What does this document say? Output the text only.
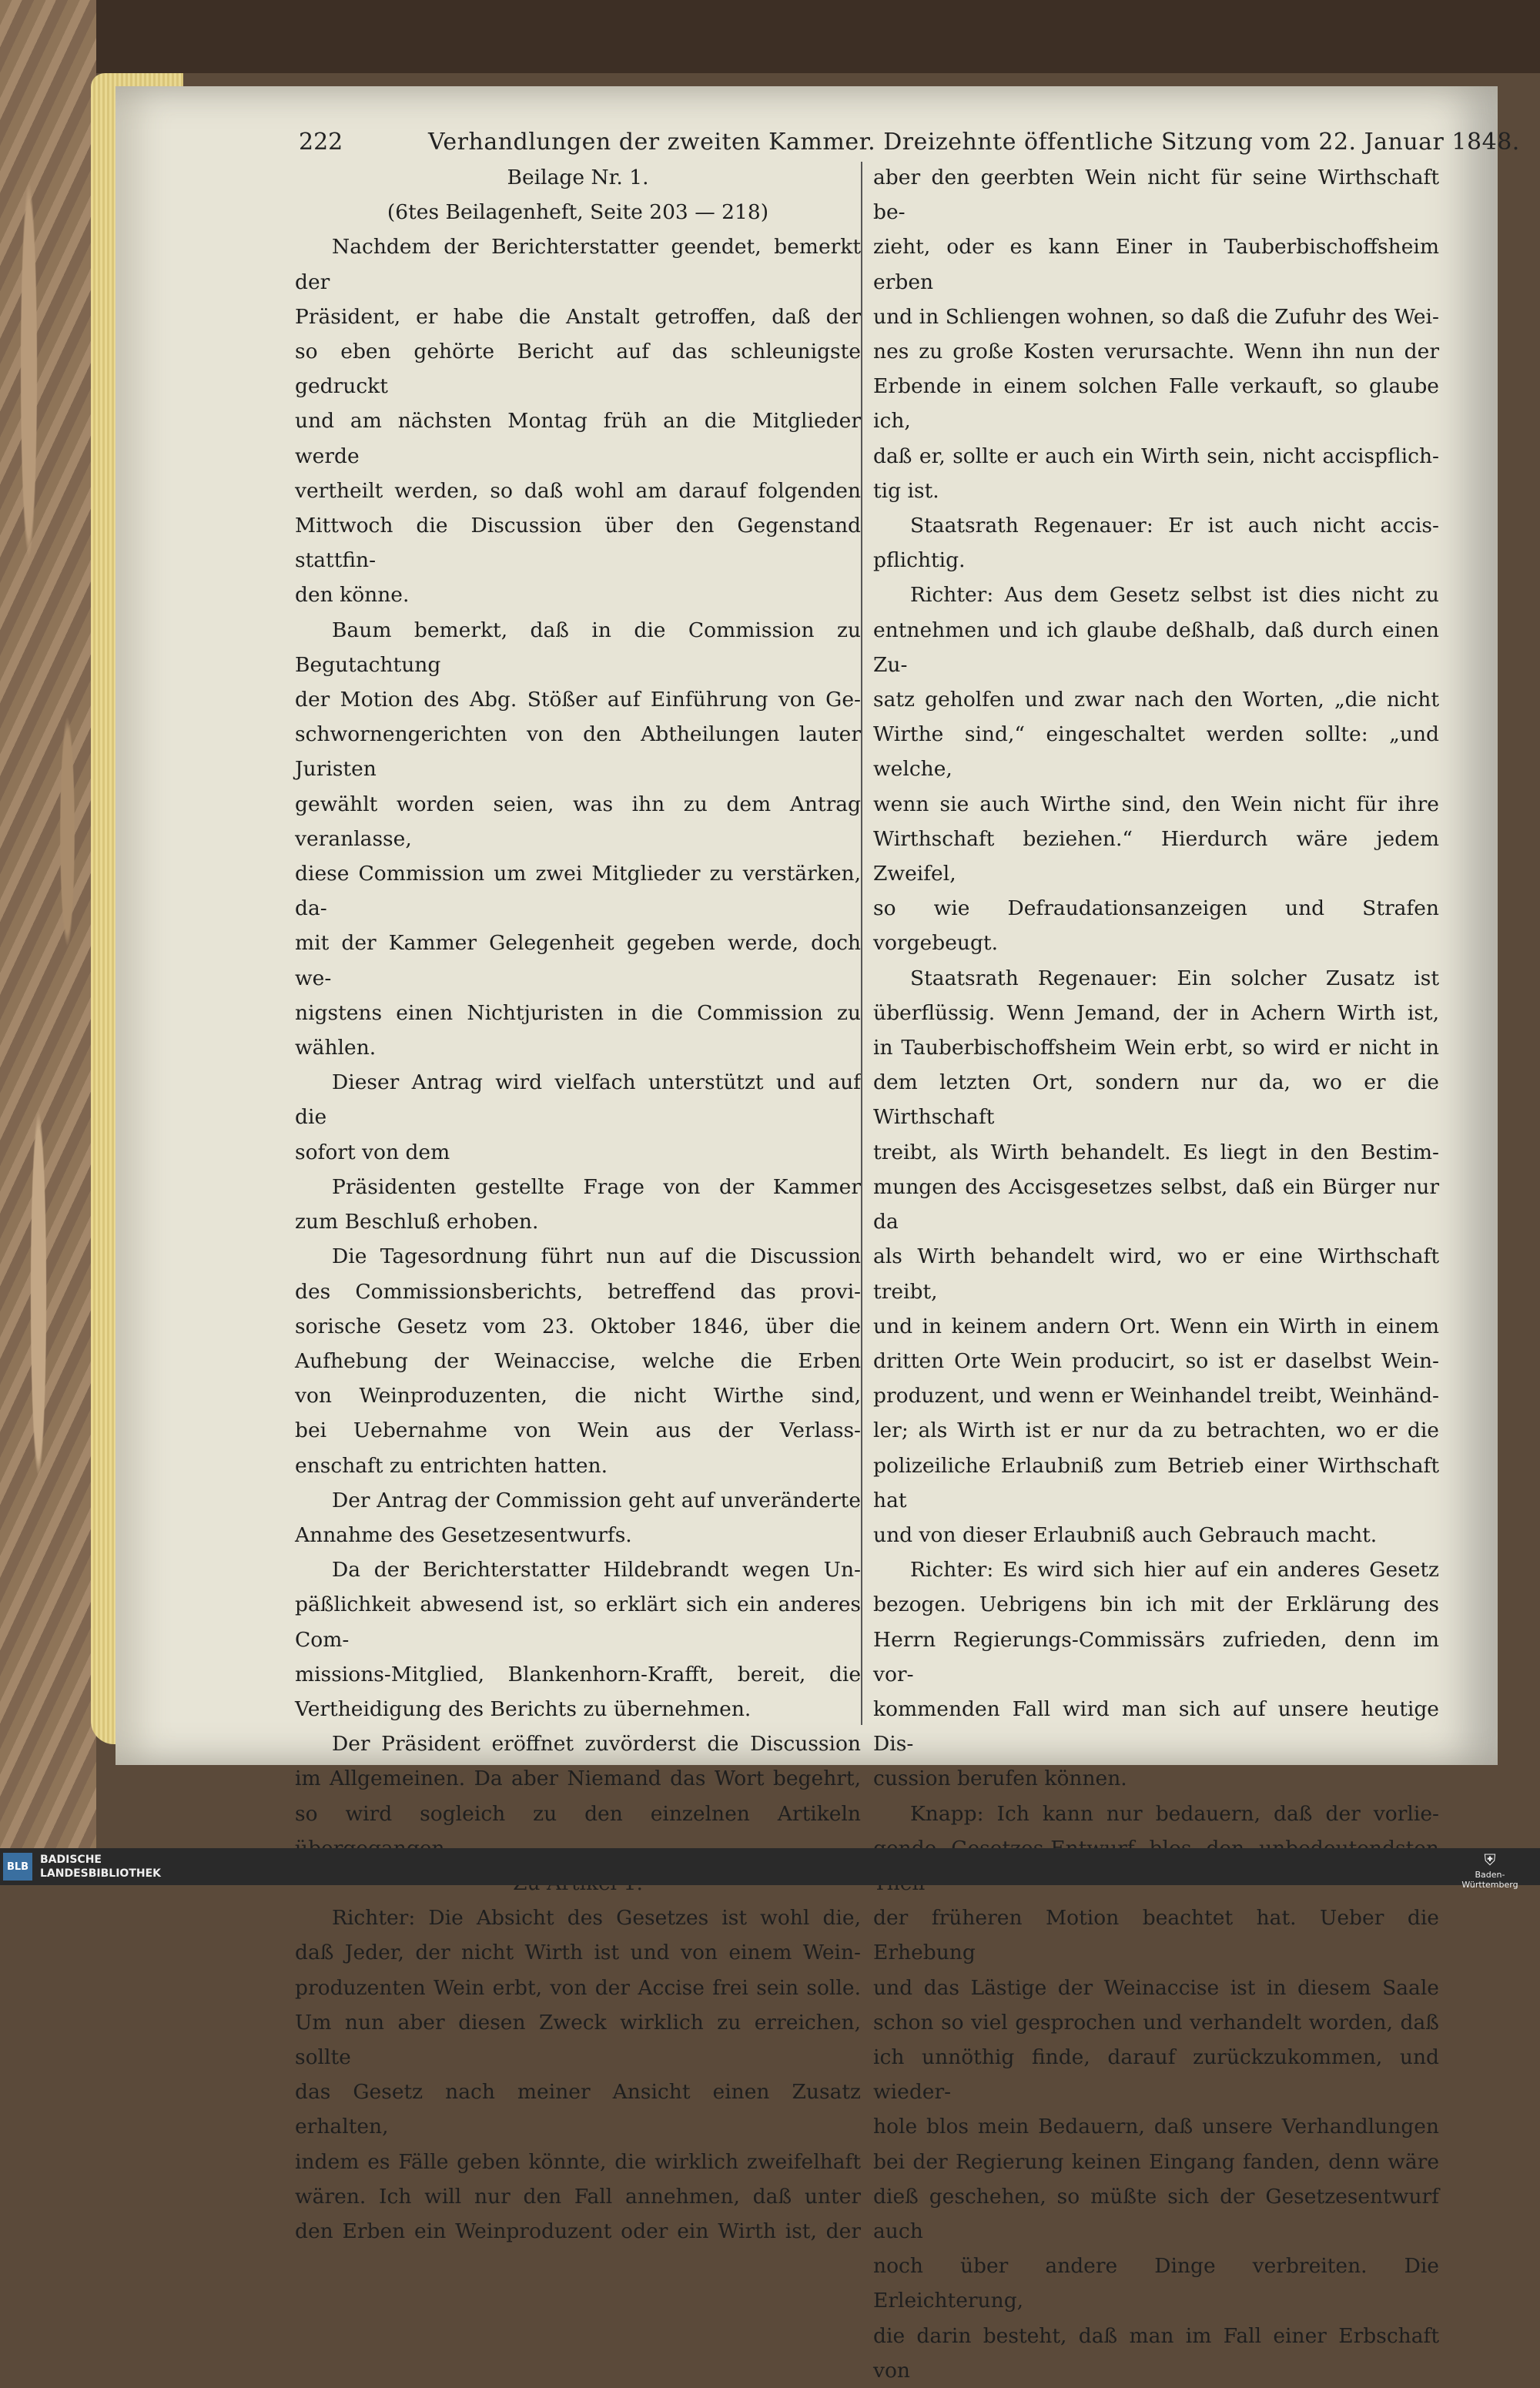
222	Verhandlungen der zweiten Kammer. Dreizehnte öffentliche Sitzung vom 22. Januar 1848.

Beilage Nr. 1.

(6tes Beilagenheft, Seite 203 — 218)

Nachdem der Berichterstatter geendet, bemerkt der

Präsident, er habe die Anstalt getroffen, daß der

so eben gehörte Bericht auf das schleunigste gedruckt

und am nächsten Montag früh an die Mitglieder werde

vertheilt werden, so daß wohl am darauf folgenden

Mittwoch die Discussion über den Gegenstand stattfin-

den könne.

Baum bemerkt, daß in die Commission zu Begutachtung

der Motion des Abg. Stößer auf Einführung von Ge-

schwornengerichten von den Abtheilungen lauter Juristen

gewählt worden seien, was ihn zu dem Antrag veranlasse,

diese Commission um zwei Mitglieder zu verstärken, da-

mit der Kammer Gelegenheit gegeben werde, doch we-

nigstens einen Nichtjuristen in die Commission zu wählen.

Dieser Antrag wird vielfach unterstützt und auf die

sofort von dem

Präsidenten gestellte Frage von der Kammer

zum Beschluß erhoben.

Die Tagesordnung führt nun auf die Discussion

des Commissionsberichts, betreffend das provi-

sorische Gesetz vom 23. Oktober 1846, über die

Aufhebung der Weinaccise, welche die Erben

von Weinproduzenten, die nicht Wirthe sind,

bei Uebernahme von Wein aus der Verlass-

enschaft zu entrichten hatten.

Der Antrag der Commission geht auf unveränderte

Annahme des Gesetzesentwurfs.

Da der Berichterstatter Hildebrandt wegen Un-

päßlichkeit abwesend ist, so erklärt sich ein anderes Com-

missions-Mitglied, Blankenhorn-Krafft, bereit, die

Vertheidigung des Berichts zu übernehmen.

Der Präsident eröffnet zuvörderst die Discussion

im Allgemeinen. Da aber Niemand das Wort begehrt,

so wird sogleich zu den einzelnen Artikeln

Richter: Die Absicht des Gesetzes ist wohl die,

daß Jeder, der nicht Wirth ist und von einem Wein-

produzenten Wein erbt, von der Accise frei sein solle.

Um nun aber diesen Zweck wirklich zu erreichen, sollte

das Gesetz nach meiner Ansicht einen Zusatz erhalten,

indem es Fälle geben könnte, die wirklich zweifelhaft

wären. Ich will nur den Fall annehmen, daß unter

den Erben ein Weinproduzent oder ein Wirth ist, der

aber den geerbten Wein nicht für seine Wirthschaft be-

zieht, oder es kann Einer in Tauberbischoffsheim erben

und in Schliengen wohnen, so daß die Zufuhr des Wei-

nes zu große Kosten verursachte. Wenn ihn nun der

Erbende in einem solchen Falle verkauft, so glaube ich,

daß er, sollte er auch ein Wirth sein, nicht accispflich-

tig ist.

Staatsrath Regenauer: Er ist auch nicht accis-

pflichtig.

Richter: Aus dem Gesetz selbst ist dies nicht zu

entnehmen und ich glaube deßhalb, daß durch einen Zu-

satz geholfen und zwar nach den Worten, „die nicht

Wirthe sind,“ eingeschaltet werden sollte: „und welche,

wenn sie auch Wirthe sind, den Wein nicht für ihre

Wirthschaft beziehen.“ Hierdurch wäre jedem Zweifel,

so wie Defraudationsanzeigen und Strafen vorgebeugt.

Staatsrath Regenauer: Ein solcher Zusatz ist

überflüssig. Wenn Jemand, der in Achern Wirth ist,

in Tauberbischoffsheim Wein erbt, so wird er nicht in

dem letzten Ort, sondern nur da, wo er die Wirthschaft

treibt, als Wirth behandelt. Es liegt in den Bestim-

mungen des Accisgesetzes selbst, daß ein Bürger nur da

als Wirth behandelt wird, wo er eine Wirthschaft treibt,

und in keinem andern Ort. Wenn ein Wirth in einem

dritten Orte Wein producirt, so ist er daselbst Wein-

produzent, und wenn er Weinhandel treibt, Weinhänd-

ler; als Wirth ist er nur da zu betrachten, wo er die

polizeiliche Erlaubniß zum Betrieb einer Wirthschaft hat

und von dieser Erlaubniß auch Gebrauch macht.

Richter: Es wird sich hier auf ein anderes Gesetz

bezogen. Uebrigens bin ich mit der Erklärung des

Herrn Regierungs-Commissärs zufrieden, denn im vor-

kommenden Fall wird man sich auf unsere heutige Dis-

cussion berufen können.

Knapp: Ich kann nur bedauern, daß der vorlie-

der früheren Motion beachtet hat. Ueber die Erhebung

und das Lästige der Weinaccise ist in diesem Saale

schon so viel gesprochen und verhandelt worden, daß

ich unnöthig finde, darauf zurückzukommen, und wieder-

hole blos mein Bedauern, daß unsere Verhandlungen

bei der Regierung keinen Eingang fanden, denn wäre

dieß geschehen, so müßte sich der Gesetzesentwurf auch

noch über andere Dinge verbreiten. Die Erleichterung,

die darin besteht, daß man im Fall einer Erbschaft von

BLB
BADISCHE
LANDESBIBLIOTHEK
⛨
Baden-Württemberg
